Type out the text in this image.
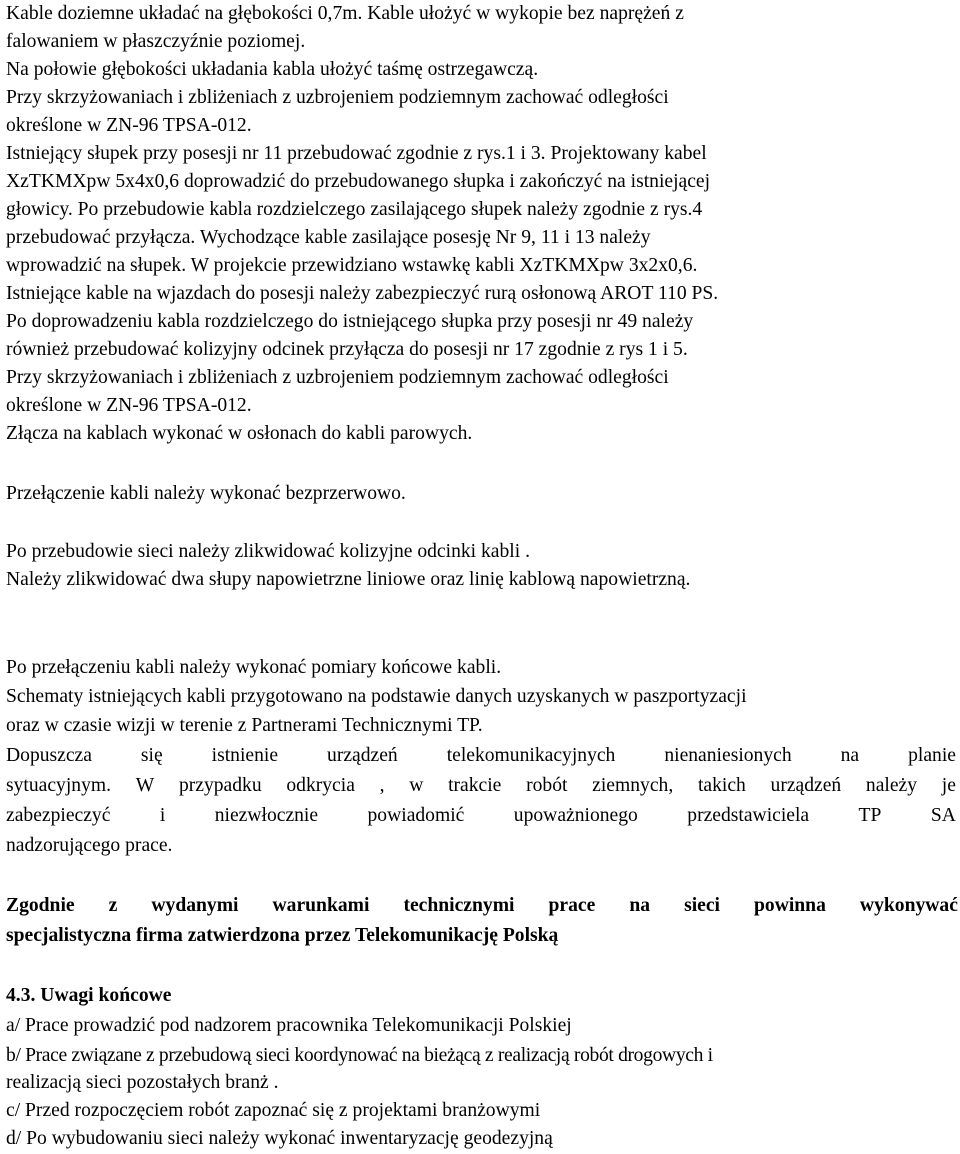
Kable doziemne układać na głębokości 0,7m. Kable ułożyć w wykopie bez naprężeń z

falowaniem w płaszczyźnie poziomej.

Na połowie głębokości układania kabla ułożyć taśmę ostrzegawczą.

Przy skrzyżowaniach i zbliżeniach z uzbrojeniem podziemnym zachować odległości

określone w ZN-96 TPSA-012.

Istniejący słupek przy posesji nr 11 przebudować zgodnie z rys.1 i 3. Projektowany kabel

XzTKMXpw 5x4x0,6 doprowadzić do przebudowanego słupka i zakończyć na istniejącej

głowicy. Po przebudowie kabla rozdzielczego zasilającego słupek należy zgodnie z rys.4

przebudować przyłącza. Wychodzące kable zasilające posesję Nr 9, 11 i 13 należy

wprowadzić na słupek. W projekcie przewidziano wstawkę kabli XzTKMXpw 3x2x0,6.

Istniejące kable na wjazdach do posesji należy zabezpieczyć rurą osłonową AROT 110 PS.

Po doprowadzeniu kabla rozdzielczego do istniejącego słupka przy posesji nr 49 należy

również przebudować kolizyjny odcinek przyłącza do posesji nr 17 zgodnie z rys 1 i 5.

Przy skrzyżowaniach i zbliżeniach z uzbrojeniem podziemnym zachować odległości

określone w ZN-96 TPSA-012.

Złącza na kablach wykonać w osłonach do kabli parowych.

Przełączenie kabli należy wykonać bezprzerwowo.

Po przebudowie sieci należy zlikwidować kolizyjne odcinki kabli .

Należy zlikwidować dwa słupy napowietrzne liniowe oraz linię kablową napowietrzną.

Po przełączeniu kabli należy wykonać pomiary końcowe kabli.

Schematy istniejących kabli przygotowano na podstawie danych uzyskanych w paszportyzacji

oraz w czasie wizji w terenie z Partnerami Technicznymi TP.

Dopuszcza się istnienie urządzeń telekomunikacyjnych nienaniesionych na planie

sytuacyjnym. W przypadku odkrycia , w trakcie robót ziemnych, takich urządzeń należy je

zabezpieczyć	i	niezwłocznie	powiadomić	upoważnionego	przedstawiciela	TP	SA

nadzorującego prace.

Zgodnie z wydanymi warunkami technicznymi prace na sieci powinna wykonywać

specjalistyczna firma zatwierdzona przez Telekomunikację Polską

4.3. Uwagi końcowe

a/ Prace prowadzić pod nadzorem pracownika Telekomunikacji Polskiej

b/ Prace związane z przebudową sieci koordynować na bieżącą z realizacją robót drogowych i

realizacją sieci pozostałych branż .

c/ Przed rozpoczęciem robót zapoznać się z projektami branżowymi

d/ Po wybudowaniu sieci należy wykonać inwentaryzację geodezyjną
